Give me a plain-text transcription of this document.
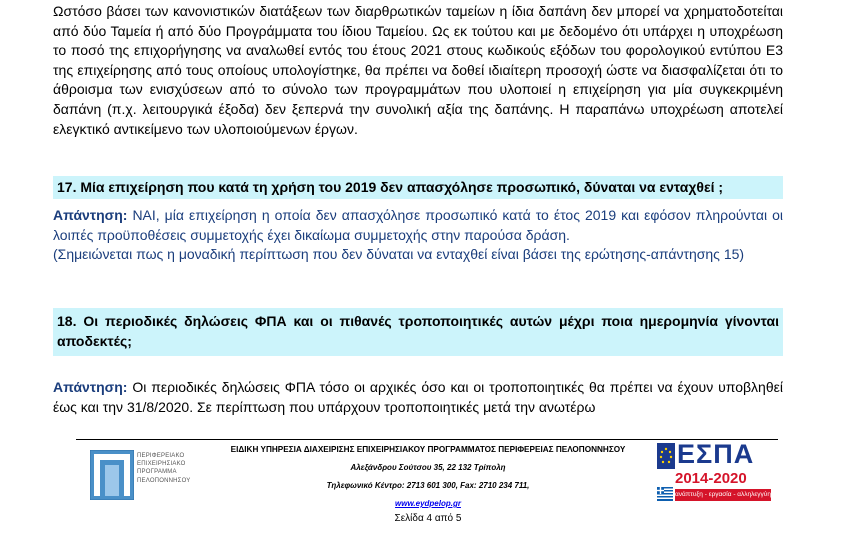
Ωστόσο βάσει των κανονιστικών διατάξεων των διαρθρωτικών ταμείων η ίδια δαπάνη δεν μπορεί να χρηματοδοτείται από δύο Ταμεία ή από δύο Προγράμματα του ίδιου Ταμείου. Ως εκ τούτου και με δεδομένο ότι υπάρχει η υποχρέωση το ποσό της επιχορήγησης να αναλωθεί εντός του έτους 2021 στους κωδικούς εξόδων του φορολογικού εντύπου Ε3 της επιχείρησης από τους οποίους υπολογίστηκε, θα πρέπει να δοθεί ιδιαίτερη προσοχή ώστε να διασφαλίζεται ότι το άθροισμα των ενισχύσεων από το σύνολο των προγραμμάτων που υλοποιεί η επιχείρηση για μία συγκεκριμένη δαπάνη (π.χ. λειτουργικά έξοδα) δεν ξεπερνά την συνολική αξία της δαπάνης. Η παραπάνω υποχρέωση αποτελεί ελεγκτικό αντικείμενο των υλοποιούμενων έργων.
17. Μία επιχείρηση που κατά τη χρήση του 2019 δεν απασχόλησε προσωπικό, δύναται να ενταχθεί ;
Απάντηση: ΝΑΙ, μία επιχείρηση η οποία δεν απασχόλησε προσωπικό κατά το έτος 2019 και εφόσον πληρούνται οι λοιπές προϋποθέσεις συμμετοχής έχει δικαίωμα συμμετοχής στην παρούσα δράση.
(Σημειώνεται πως η μοναδική περίπτωση που δεν δύναται να ενταχθεί είναι βάσει της ερώτησης-απάντησης 15)
18. Οι περιοδικές δηλώσεις ΦΠΑ και οι πιθανές τροποποιητικές αυτών μέχρι ποια ημερομηνία γίνονται αποδεκτές;
Απάντηση: Οι περιοδικές δηλώσεις ΦΠΑ τόσο οι αρχικές όσο και οι τροποποιητικές θα πρέπει να έχουν υποβληθεί έως και την 31/8/2020. Σε περίπτωση που υπάρχουν τροποποιητικές μετά την ανωτέρω
ΠΕΡΙΦΕΡΕΙΑΚΟ
ΕΠΙΧΕΙΡΗΣΙΑΚΟ
ΠΡΟΓΡΑΜΜΑ
ΠΕΛΟΠΟΝΝΗΣΟΥ
ΕΙΔΙΚΗ ΥΠΗΡΕΣΙΑ ΔΙΑΧΕΙΡΙΣΗΣ ΕΠΙΧΕΙΡΗΣΙΑΚΟΥ ΠΡΟΓΡΑΜΜΑΤΟΣ ΠΕΡΙΦΕΡΕΙΑΣ ΠΕΛΟΠΟΝΝΗΣΟΥ
Αλεξάνδρου Σούτσου 35, 22 132 Τρίπολη
Τηλεφωνικό Κέντρο: 2713 601 300, Fax: 2710 234 711,
www.eydpelop.gr
Σελίδα 4 από 5
ΕΣΠΑ
2014-2020
ανάπτυξη - εργασία - αλληλεγγύη
